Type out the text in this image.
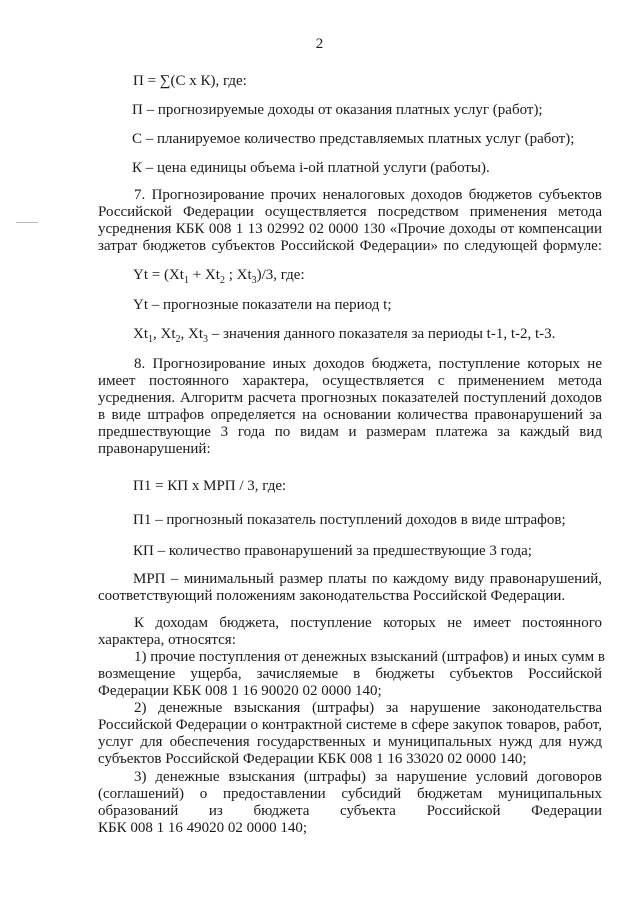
2
П = ∑(С х К), где:
П – прогнозируемые доходы от оказания платных услуг (работ);
С – планируемое количество представляемых платных услуг (работ);
К – цена единицы объема i-ой платной услуги (работы).
7. Прогнозирование прочих неналоговых доходов бюджетов субъектов
Российской Федерации осуществляется посредством применения метода
усреднения КБК 008 1 13 02992 02 0000 130 «Прочие доходы от компенсации
затрат бюджетов субъектов Российской Федерации» по следующей формуле:
$Yt = (Xt_1 + Xt_2$ ; $Xt_3)/3$, где:
Yt – прогнозные показатели на период t;
$Xt_1$, $Xt_2$, $Xt_3$ – значения данного показателя за периоды t-1, t-2, t-3.
8. Прогнозирование иных доходов бюджета, поступление которых не
имеет постоянного характера, осуществляется с применением метода
усреднения. Алгоритм расчета прогнозных показателей поступлений доходов
в виде штрафов определяется на основании количества правонарушений за
предшествующие 3 года по видам и размерам платежа за каждый вид
правонарушений:
П1 = КП х МРП / 3, где:
П1 – прогнозный показатель поступлений доходов в виде штрафов;
КП – количество правонарушений за предшествующие 3 года;
МРП – минимальный размер платы по каждому виду правонарушений,
соответствующий положениям законодательства Российской Федерации.
К доходам бюджета, поступление которых не имеет постоянного
характера, относятся:
1) прочие поступления от денежных взысканий (штрафов) и иных сумм в
возмещение ущерба, зачисляемые в бюджеты субъектов Российской
Федерации КБК 008 1 16 90020 02 0000 140;
2) денежные взыскания (штрафы) за нарушение законодательства
Российской Федерации о контрактной системе в сфере закупок товаров, работ,
услуг для обеспечения государственных и муниципальных нужд для нужд
субъектов Российской Федерации КБК 008 1 16 33020 02 0000 140;
3) денежные взыскания (штрафы) за нарушение условий договоров
(соглашений) о предоставлении субсидий бюджетам муниципальных
образований из бюджета субъекта Российской Федерации
КБК 008 1 16 49020 02 0000 140;
